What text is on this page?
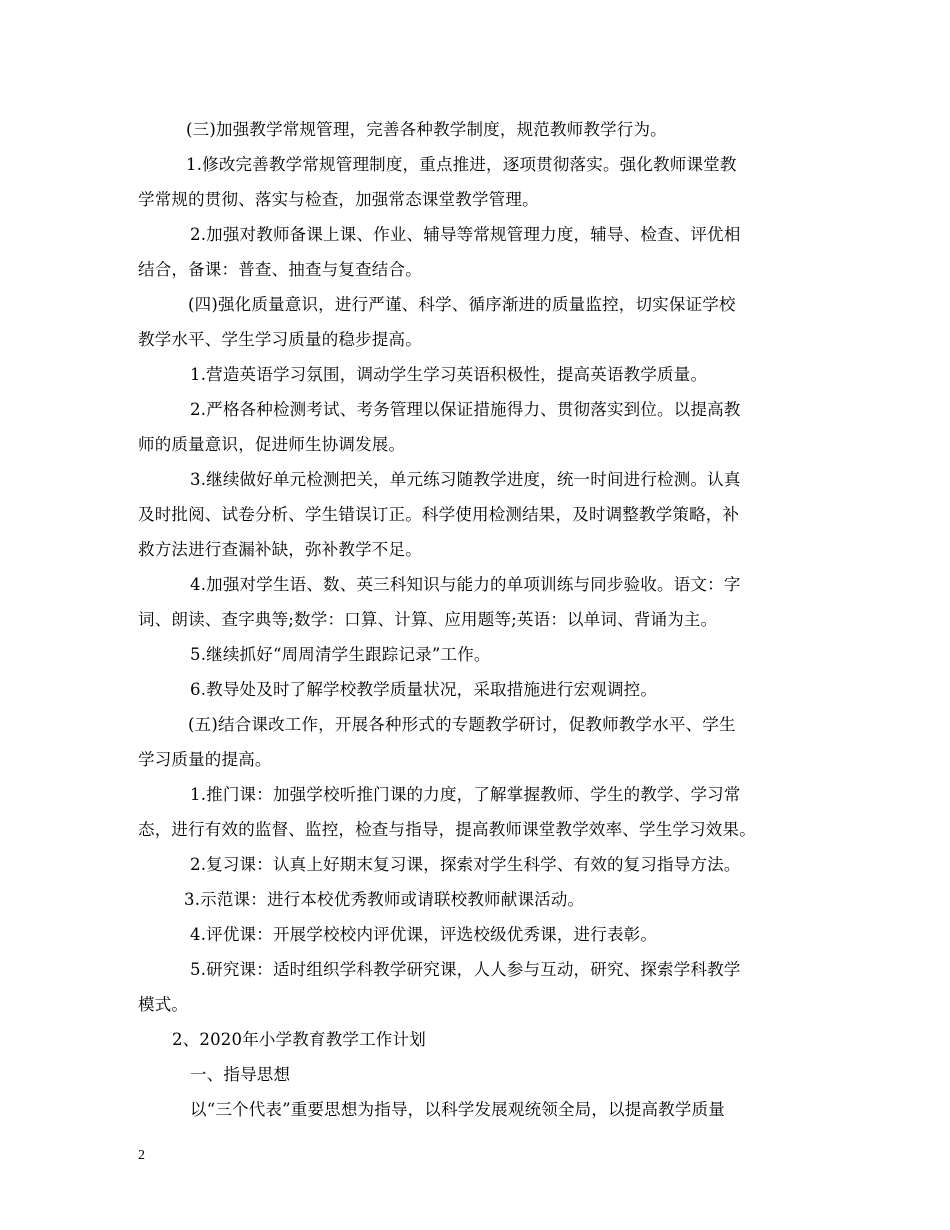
(三)加强教学常规管理，完善各种教学制度，规范教师教学行为。
1.修改完善教学常规管理制度，重点推进，逐项贯彻落实。强化教师课堂教
学常规的贯彻、落实与检查，加强常态课堂教学管理。
2.加强对教师备课上课、作业、辅导等常规管理力度，辅导、检查、评优相
结合，备课：普查、抽查与复查结合。
(四)强化质量意识，进行严谨、科学、循序渐进的质量监控，切实保证学校
教学水平、学生学习质量的稳步提高。
1.营造英语学习氛围，调动学生学习英语积极性，提高英语教学质量。
2.严格各种检测考试、考务管理以保证措施得力、贯彻落实到位。以提高教
师的质量意识，促进师生协调发展。
3.继续做好单元检测把关，单元练习随教学进度，统一时间进行检测。认真
及时批阅、试卷分析、学生错误订正。科学使用检测结果，及时调整教学策略，补
救方法进行查漏补缺，弥补教学不足。
4.加强对学生语、数、英三科知识与能力的单项训练与同步验收。语文：字
词、朗读、查字典等;数学：口算、计算、应用题等;英语：以单词、背诵为主。
5.继续抓好“周周清学生跟踪记录”工作。
6.教导处及时了解学校教学质量状况，采取措施进行宏观调控。
(五)结合课改工作，开展各种形式的专题教学研讨，促教师教学水平、学生
学习质量的提高。
1.推门课：加强学校听推门课的力度，了解掌握教师、学生的教学、学习常
态，进行有效的监督、监控，检查与指导，提高教师课堂教学效率、学生学习效果。
2.复习课：认真上好期末复习课，探索对学生科学、有效的复习指导方法。
3.示范课：进行本校优秀教师或请联校教师献课活动。
4.评优课：开展学校校内评优课，评选校级优秀课，进行表彰。
5.研究课：适时组织学科教学研究课，人人参与互动，研究、探索学科教学
模式。
2、2020年小学教育教学工作计划
一、指导思想
以“三个代表”重要思想为指导，以科学发展观统领全局，以提高教学质量
2
